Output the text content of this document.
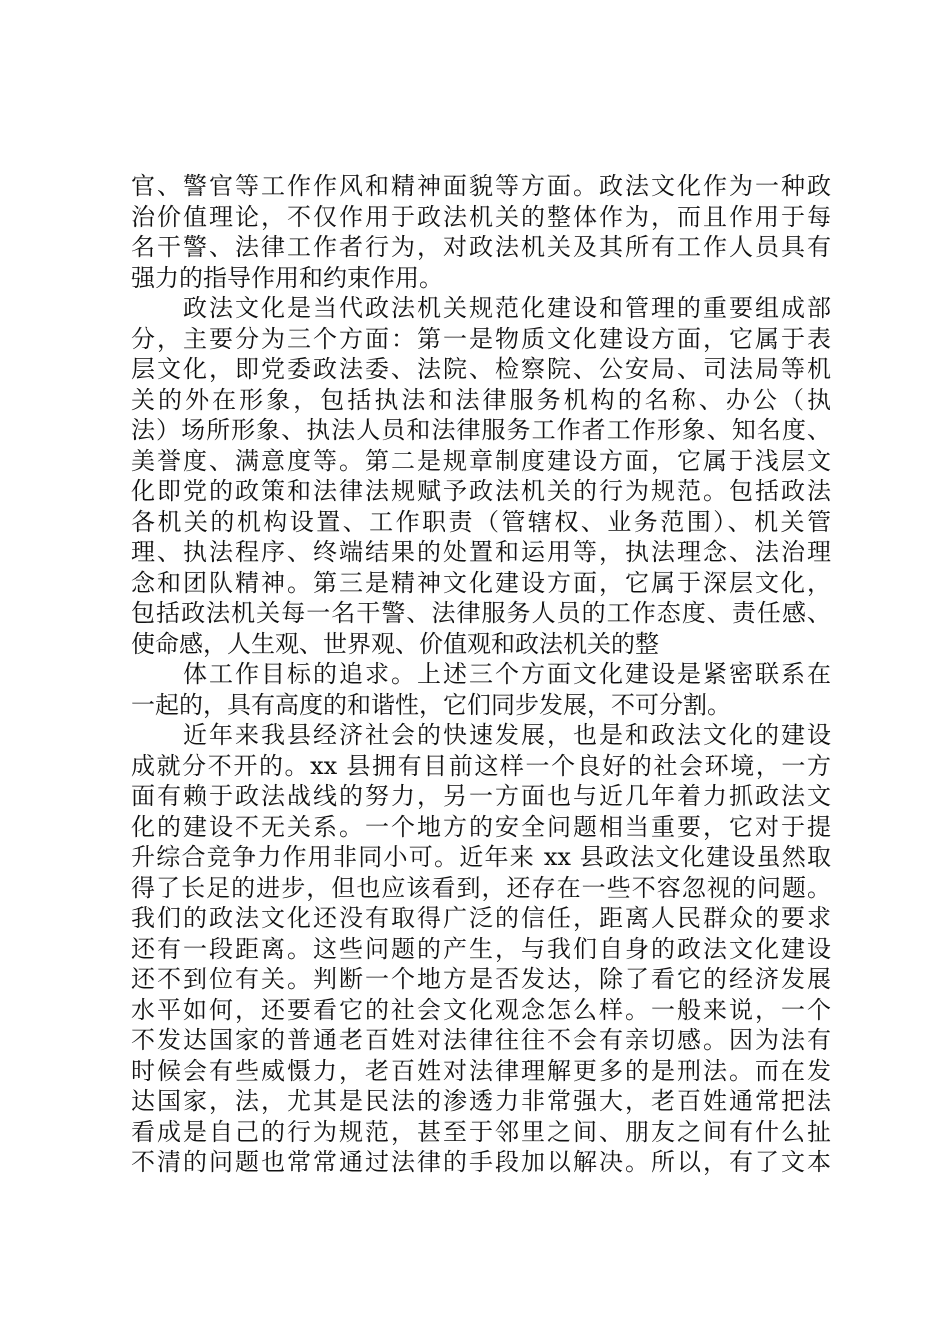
官、警官等工作作风和精神面貌等方面。政法文化作为一种政
治价值理论，不仅作用于政法机关的整体作为，而且作用于每
名干警、法律工作者行为，对政法机关及其所有工作人员具有
强力的指导作用和约束作用。
政法文化是当代政法机关规范化建设和管理的重要组成部
分，主要分为三个方面：第一是物质文化建设方面，它属于表
层文化，即党委政法委、法院、检察院、公安局、司法局等机
关的外在形象，包括执法和法律服务机构的名称、办公（执
法）场所形象、执法人员和法律服务工作者工作形象、知名度、
美誉度、满意度等。第二是规章制度建设方面，它属于浅层文
化即党的政策和法律法规赋予政法机关的行为规范。包括政法
各机关的机构设置、工作职责（管辖权、业务范围）、机关管
理、执法程序、终端结果的处置和运用等，执法理念、法治理
念和团队精神。第三是精神文化建设方面，它属于深层文化，
包括政法机关每一名干警、法律服务人员的工作态度、责任感、
使命感，人生观、世界观、价值观和政法机关的整
体工作目标的追求。上述三个方面文化建设是紧密联系在
一起的，具有高度的和谐性，它们同步发展，不可分割。
近年来我县经济社会的快速发展，也是和政法文化的建设
成就分不开的。xx 县拥有目前这样一个良好的社会环境，一方
面有赖于政法战线的努力，另一方面也与近几年着力抓政法文
化的建设不无关系。一个地方的安全问题相当重要，它对于提
升综合竞争力作用非同小可。近年来 xx 县政法文化建设虽然取
得了长足的进步，但也应该看到，还存在一些不容忽视的问题。
我们的政法文化还没有取得广泛的信任，距离人民群众的要求
还有一段距离。这些问题的产生，与我们自身的政法文化建设
还不到位有关。判断一个地方是否发达，除了看它的经济发展
水平如何，还要看它的社会文化观念怎么样。一般来说，一个
不发达国家的普通老百姓对法律往往不会有亲切感。因为法有
时候会有些威慑力，老百姓对法律理解更多的是刑法。而在发
达国家，法，尤其是民法的渗透力非常强大，老百姓通常把法
看成是自己的行为规范，甚至于邻里之间、朋友之间有什么扯
不清的问题也常常通过法律的手段加以解决。所以，有了文本
